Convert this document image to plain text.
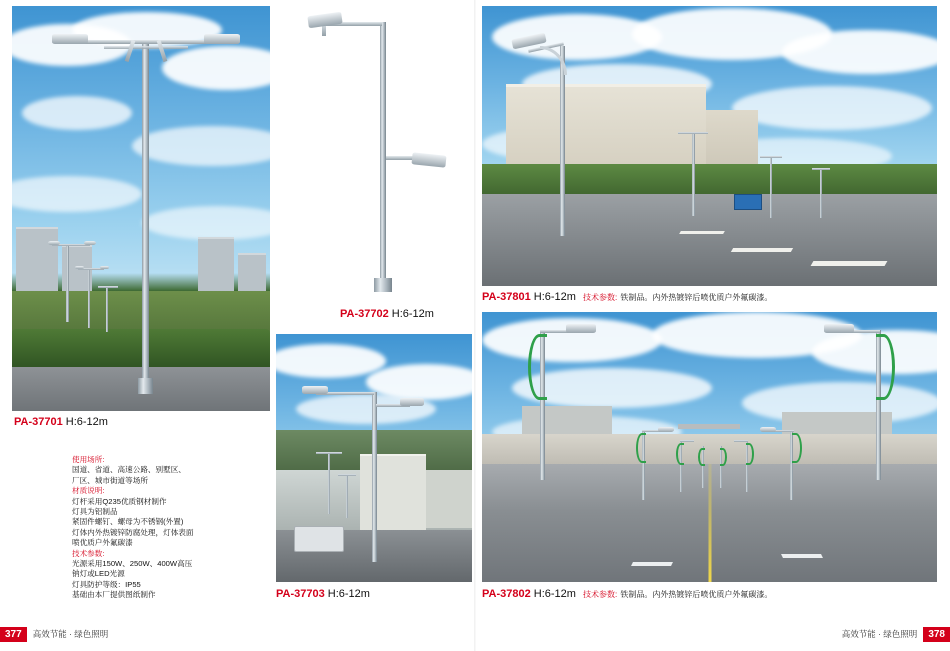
PA-37701 H:6-12m
PA-37702 H:6-12m
PA-37703 H:6-12m
PA-37801 H:6-12m 技术参数: 铁制品。内外热镀锌后喷优质户外氟碳漆。
PA-37802 H:6-12m 技术参数: 铁制品。内外热镀锌后喷优质户外氟碳漆。
使用场所:
国道、省道、高速公路、别墅区、
厂区、城市街道等场所
材质说明:
灯杆采用Q235优质钢材制作
灯具为铝制品
紧固件螺钉、螺母为不锈钢(外置)
灯体内外热镀锌防腐处理，灯体表面
喷优质户外氟碳漆
技术参数:
光源采用150W、250W、400W高压
钠灯或LED光源
灯具防护等级：IP55
基础由本厂提供图纸制作
377	高效节能 · 绿色照明	高效节能 · 绿色照明	378
